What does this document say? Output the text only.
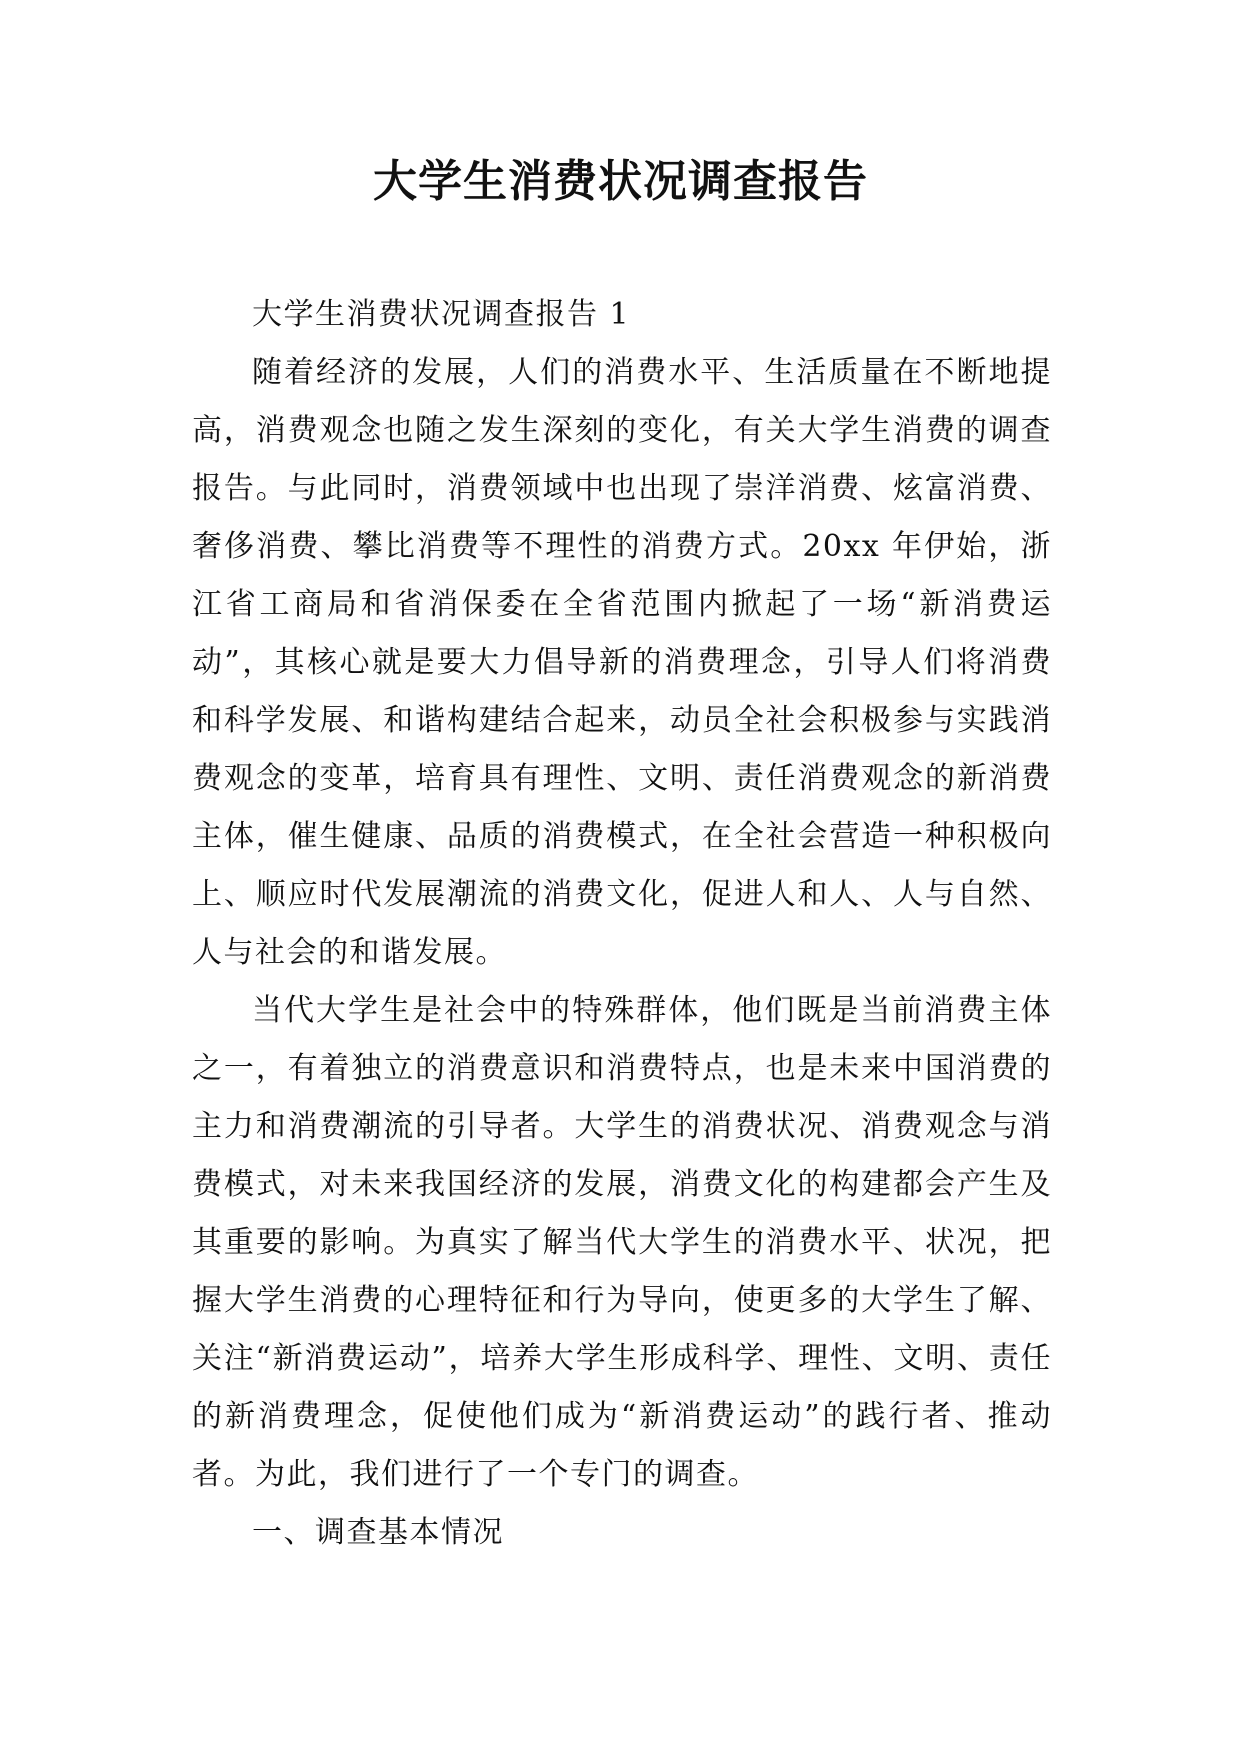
大学生消费状况调查报告

大学生消费状况调查报告 1

随着经济的发展，人们的消费水平、生活质量在不断地提高，消费观念也随之发生深刻的变化，有关大学生消费的调查报告。与此同时，消费领域中也出现了崇洋消费、炫富消费、奢侈消费、攀比消费等不理性的消费方式。20xx 年伊始，浙江省工商局和省消保委在全省范围内掀起了一场“新消费运动”，其核心就是要大力倡导新的消费理念，引导人们将消费和科学发展、和谐构建结合起来，动员全社会积极参与实践消费观念的变革，培育具有理性、文明、责任消费观念的新消费主体，催生健康、品质的消费模式，在全社会营造一种积极向上、顺应时代发展潮流的消费文化，促进人和人、人与自然、人与社会的和谐发展。

当代大学生是社会中的特殊群体，他们既是当前消费主体之一，有着独立的消费意识和消费特点，也是未来中国消费的主力和消费潮流的引导者。大学生的消费状况、消费观念与消费模式，对未来我国经济的发展，消费文化的构建都会产生及其重要的影响。为真实了解当代大学生的消费水平、状况，把握大学生消费的心理特征和行为导向，使更多的大学生了解、关注“新消费运动”，培养大学生形成科学、理性、文明、责任的新消费理念，促使他们成为“新消费运动”的践行者、推动者。为此，我们进行了一个专门的调查。

一、调查基本情况
